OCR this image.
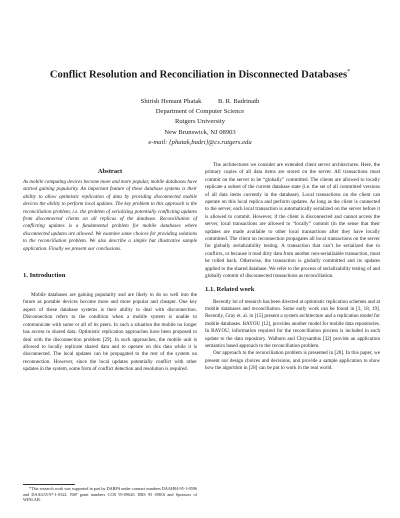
Conflict Resolution and Reconciliation in Disconnected Databases*
Shirish Hemant Phatak          B. R. Badrinath
Department of Computer Science
Rutgers University
New Brunswick, NJ 08903
e-mail: {phatak,badri}@cs.rutgers.edu
Abstract

As mobile computing devices become more and more popular, mobile databases have started gaining popularity. An important feature of these database systems is their ability to allow optimistic replication of data by providing disconnected mobile devices the ability to perform local updates. The key problem to this approach is the reconciliation problem, i.e. the problem of serializing potentially conflicting updates from disconnected clients on all replicas of the database. Reconciliation of conflicting updates is a fundamental problem for mobile databases where disconnected updates are allowed. We examine some choices for providing solutions to the reconciliation problem. We also describe a simple but illustrative sample application. Finally we present our conclusions.

1. Introduction

Mobile databases are gaining popularity and are likely to do so well into the future as portable devices become more and more popular and cheaper. One key aspect of these database systems is their ability to deal with disconnection. Disconnection refers to the condition when a mobile system is unable to communicate with some or all of its peers. In such a situation the mobile no longer has access to shared data. Optimistic replication approaches have been proposed to deal with the disconnection problem [29]. In such approaches, the mobile unit is allowed to locally replicate shared data and to operate on this data while it is disconnected. The local updates can be propagated to the rest of the system on reconnection. However, since the local updates potentially conflict with other updates in the system, some form of conflict detection and resolution is required.

*This research work was supported in part by DARPA under contract numbers DAAH04-95-1-0596 and DAAG55-97-1-0322, NSF grant numbers CCR 95-09620, IRIS 95 09816 and Sponsors of WINLAB.

The architectures we consider are extended client server architectures. Here, the primary copies of all data items are stored on the server. All transactions must commit on the server to be “globally” committed. The clients are allowed to locally replicate a subset of the current database state (i.e. the set of all committed versions of all data items currently in the database). Local transactions on the client can operate on this local replica and perform updates. As long as the client is connected to the server, each local transaction is automatically serialized on the server before it is allowed to commit. However, if the client is disconnected and cannot access the server, local transactions are allowed to “locally” commit (in the sense that their updates are made available to other local transactions after they have locally committed. The client on reconnection propagates all local transactions on the server for globally serializability testing. A transaction that can’t be serialized due to conflicts, or because it read dirty data from another non-serializable transaction, must be rolled back. Otherwise, the transaction is globally committed and its updates applied to the shared database. We refer to the process of serializability testing of and globally commit of disconnected transactions as reconciliation.

1.1. Related work

Recently lot of research has been directed at optimistic replication schemes and at mobile databases and reconciliation. Some early work can be found in [3, 18, 19]. Recently, Gray et. al. in [15] present a system architecture and a replication model for mobile databases. BAYOU [12], provides another model for mobile data repositories. In BAYOU, information required for the reconciliation process is included in each update to the data repository. Walborn and Chrysanthis [32] provide an application semantics based approach to the reconciliation problem.

Our approach to the reconciliation problem is presented in [28]. In this paper, we present our design choices and decisions, and provide a sample application to show how the algorithm in [28] can be put to work in the real world.
